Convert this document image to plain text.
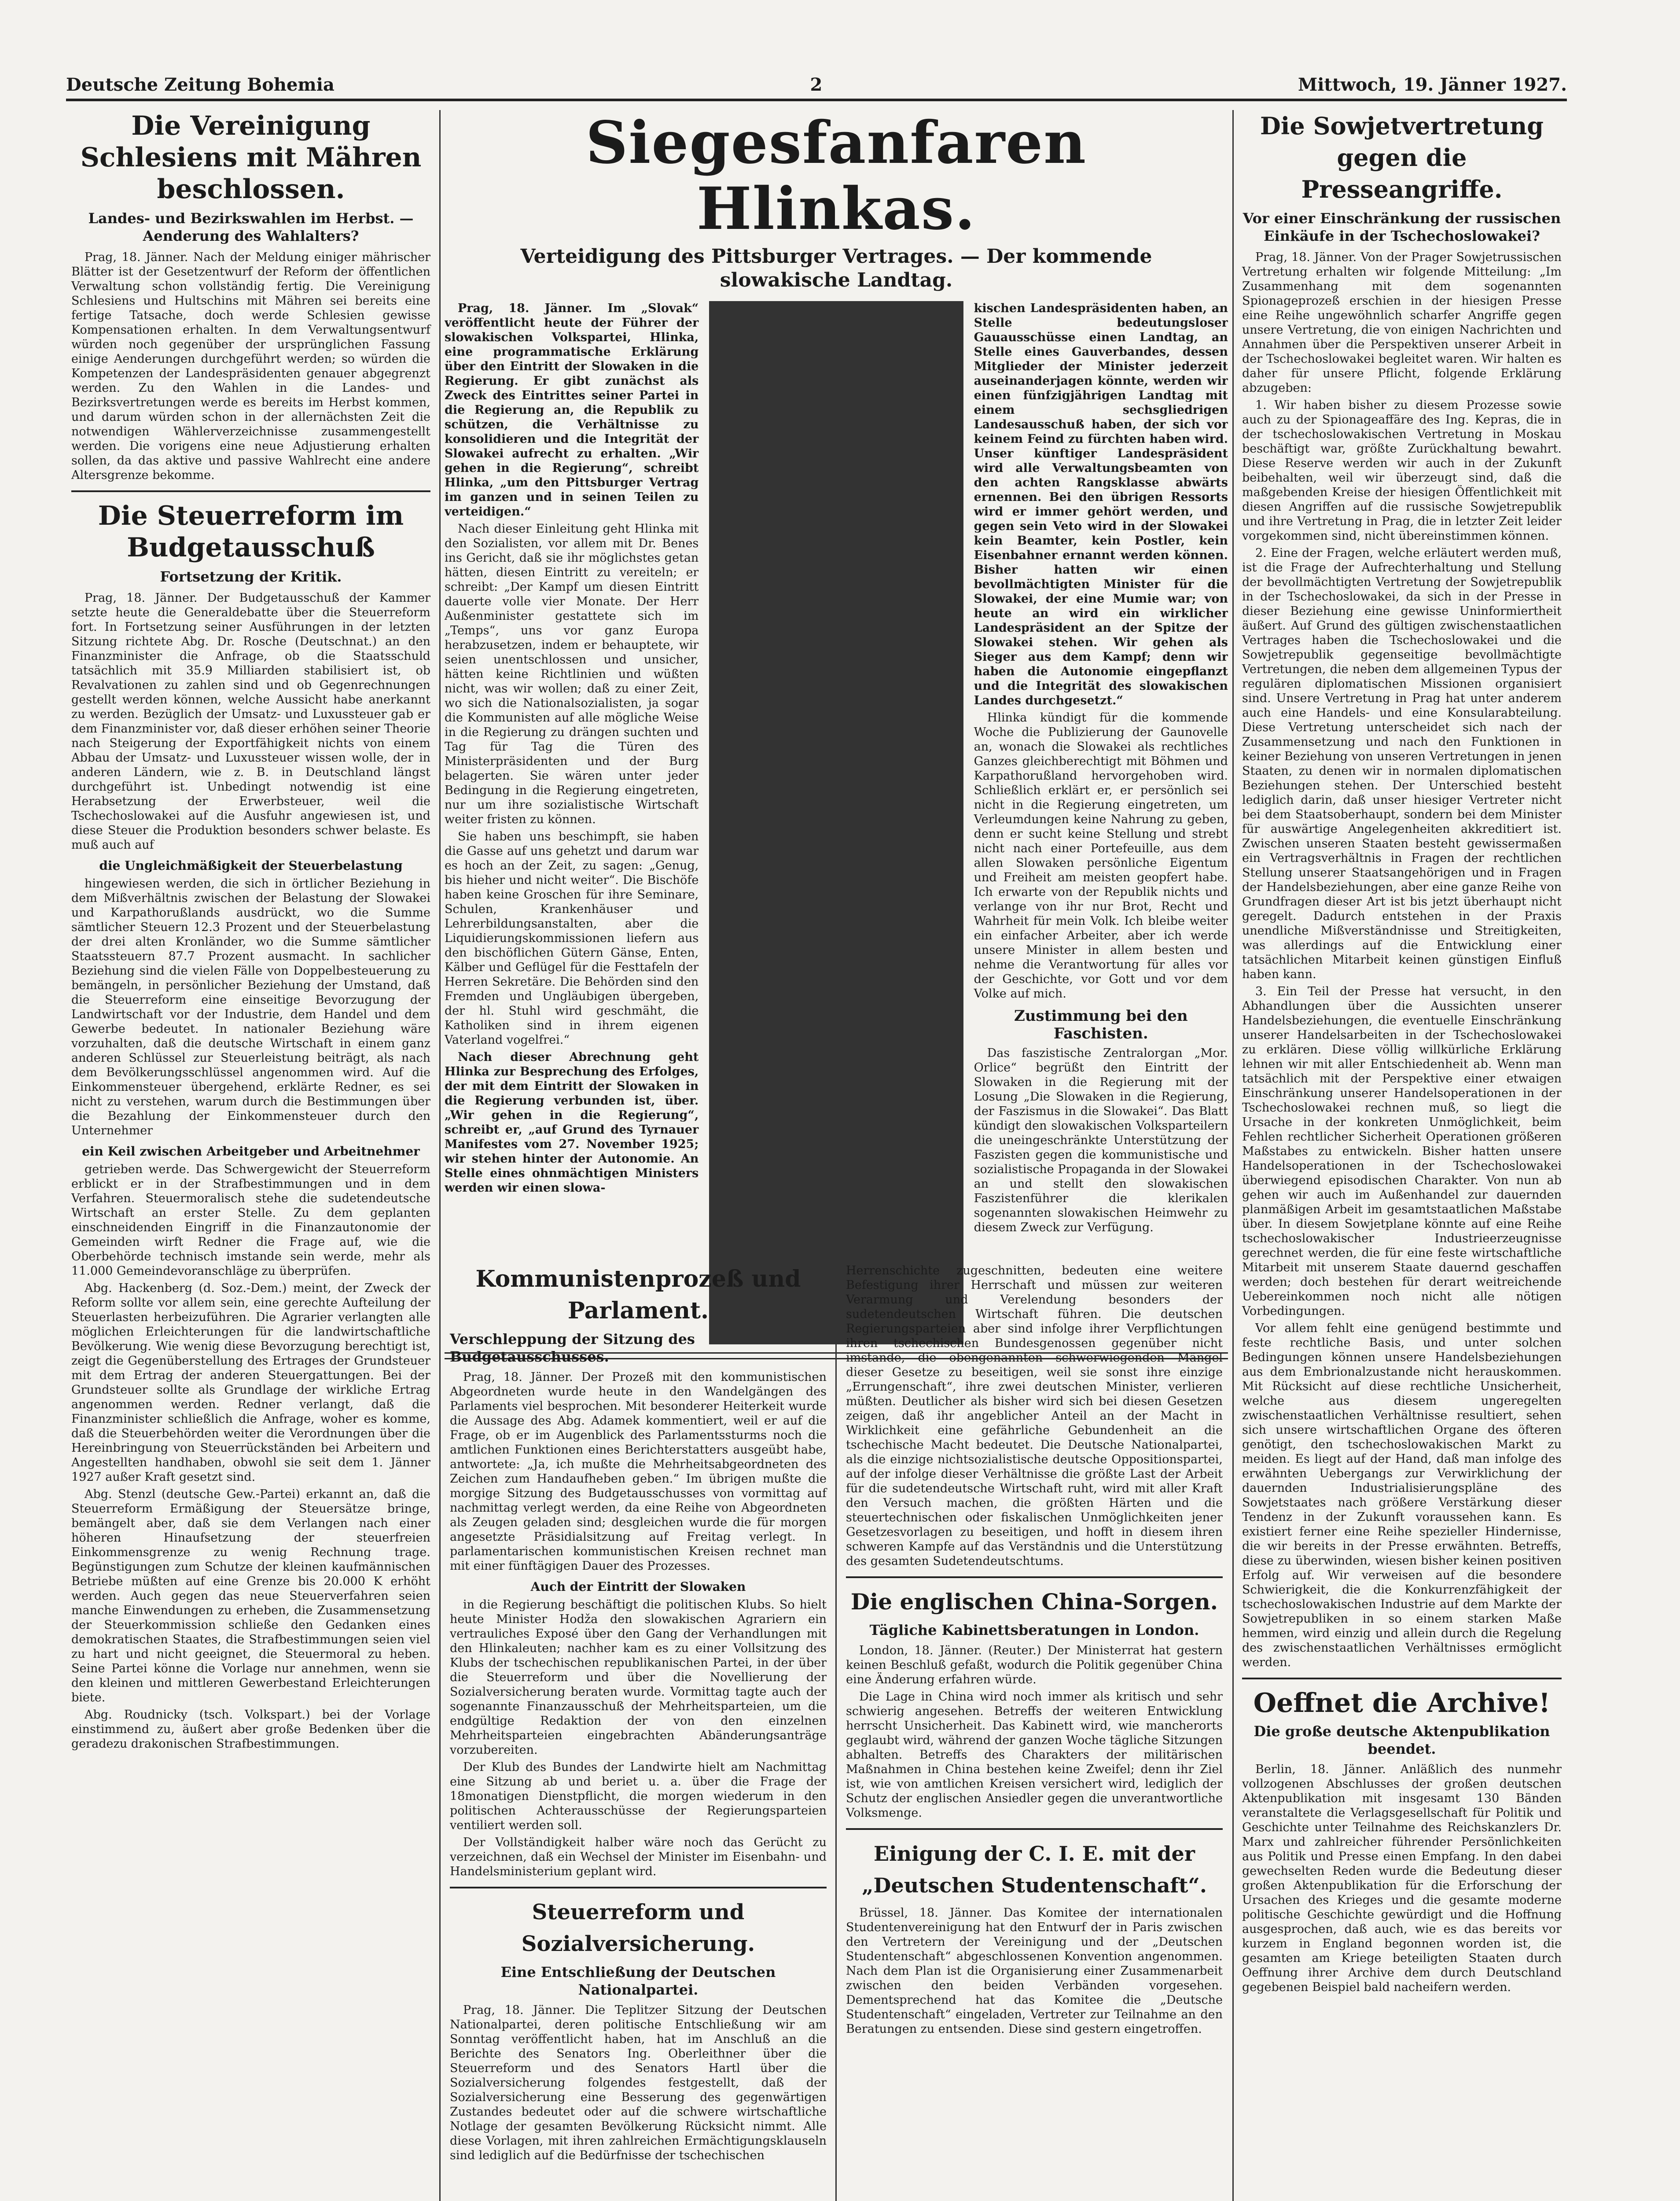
Deutsche Zeitung Bohemia	2	Mittwoch, 19. Jänner 1927.
Die Vereinigung Schlesiens mit Mähren beschlossen.
Landes- und Bezirkswahlen im Herbst. — Aenderung des Wahlalters?

Prag, 18. Jänner. Nach der Meldung einiger mährischer Blätter ist der Gesetzentwurf der Reform der öffentlichen Verwaltung schon vollständig fertig. Die Vereinigung Schlesiens und Hultschins mit Mähren sei bereits eine fertige Tatsache, doch werde Schlesien gewisse Kompensationen erhalten. In dem Verwaltungsentwurf würden noch gegenüber der ursprünglichen Fassung einige Aenderungen durchgeführt werden; so würden die Kompetenzen der Landespräsidenten genauer abgegrenzt werden. Zu den Wahlen in die Landes- und Bezirksvertretungen werde es bereits im Herbst kommen, und darum würden schon in der allernächsten Zeit die notwendigen Wählerverzeichnisse zusammengestellt werden. Die vorigens eine neue Adjustierung erhalten sollen, da das aktive und passive Wahlrecht eine andere Altersgrenze bekomme.

Die Steuerreform im Budgetausschuß
Fortsetzung der Kritik.

Prag, 18. Jänner. Der Budgetausschuß der Kammer setzte heute die Generaldebatte über die Steuerreform fort. In Fortsetzung seiner Ausführungen in der letzten Sitzung richtete Abg. Dr. Rosche (Deutschnat.) an den Finanzminister die Anfrage, ob die Staatsschuld tatsächlich mit 35.9 Milliarden stabilisiert ist, ob Revalvationen zu zahlen sind und ob Gegenrechnungen gestellt werden können, welche Aussicht habe anerkannt zu werden. Bezüglich der Umsatz- und Luxussteuer gab er dem Finanzminister vor, daß dieser erhöhen seiner Theorie nach Steigerung der Exportfähigkeit nichts von einem Abbau der Umsatz- und Luxussteuer wissen wolle, der in anderen Ländern, wie z. B. in Deutschland längst durchgeführt ist. Unbedingt notwendig ist eine Herabsetzung der Erwerbsteuer, weil die Tschechoslowakei auf die Ausfuhr angewiesen ist, und diese Steuer die Produktion besonders schwer belaste. Es muß auch auf

die Ungleichmäßigkeit der Steuerbelastung

hingewiesen werden, die sich in örtlicher Beziehung in dem Mißverhältnis zwischen der Belastung der Slowakei und Karpathorußlands ausdrückt, wo die Summe sämtlicher Steuern 12.3 Prozent und der Steuerbelastung der drei alten Kronländer, wo die Summe sämtlicher Staatssteuern 87.7 Prozent ausmacht. In sachlicher Beziehung sind die vielen Fälle von Doppelbesteuerung zu bemängeln, in persönlicher Beziehung der Umstand, daß die Steuerreform eine einseitige Bevorzugung der Landwirtschaft vor der Industrie, dem Handel und dem Gewerbe bedeutet. In nationaler Beziehung wäre vorzuhalten, daß die deutsche Wirtschaft in einem ganz anderen Schlüssel zur Steuerleistung beiträgt, als nach dem Bevölkerungsschlüssel angenommen wird. Auf die Einkommensteuer übergehend, erklärte Redner, es sei nicht zu verstehen, warum durch die Bestimmungen über die Bezahlung der Einkommensteuer durch den Unternehmer

ein Keil zwischen Arbeitgeber und Arbeitnehmer

getrieben werde. Das Schwergewicht der Steuerreform erblickt er in der Strafbestimmungen und in dem Verfahren. Steuermoralisch stehe die sudetendeutsche Wirtschaft an erster Stelle. Zu dem geplanten einschneidenden Eingriff in die Finanzautonomie der Gemeinden wirft Redner die Frage auf, wie die Oberbehörde technisch imstande sein werde, mehr als 11.000 Gemeindevoranschläge zu überprüfen.

Abg. Hackenberg (d. Soz.-Dem.) meint, der Zweck der Reform sollte vor allem sein, eine gerechte Aufteilung der Steuerlasten herbeizuführen. Die Agrarier verlangten alle möglichen Erleichterungen für die landwirtschaftliche Bevölkerung. Wie wenig diese Bevorzugung berechtigt ist, zeigt die Gegenüberstellung des Ertrages der Grundsteuer mit dem Ertrag der anderen Steuergattungen. Bei der Grundsteuer sollte als Grundlage der wirkliche Ertrag angenommen werden. Redner verlangt, daß die Finanzminister schließlich die Anfrage, woher es komme, daß die Steuerbehörden weiter die Verordnungen über die Hereinbringung von Steuerrückständen bei Arbeitern und Angestellten handhaben, obwohl sie seit dem 1. Jänner 1927 außer Kraft gesetzt sind.

Abg. Stenzl (deutsche Gew.-Partei) erkannt an, daß die Steuerreform Ermäßigung der Steuersätze bringe, bemängelt aber, daß sie dem Verlangen nach einer höheren Hinaufsetzung der steuerfreien Einkommensgrenze zu wenig Rechnung trage. Begünstigungen zum Schutze der kleinen kaufmännischen Betriebe müßten auf eine Grenze bis 20.000 K erhöht werden. Auch gegen das neue Steuerverfahren seien manche Einwendungen zu erheben, die Zusammensetzung der Steuerkommission schließe den Gedanken eines demokratischen Staates, die Strafbestimmungen seien viel zu hart und nicht geeignet, die Steuermoral zu heben. Seine Partei könne die Vorlage nur annehmen, wenn sie den kleinen und mittleren Gewerbestand Erleichterungen biete.

Abg. Roudnicky (tsch. Volkspart.) bei der Vorlage einstimmend zu, äußert aber große Bedenken über die geradezu drakonischen Strafbestimmungen.

Siegesfanfaren Hlinkas.
Verteidigung des Pittsburger Vertrages. — Der kommende slowakische Landtag.

Prag, 18. Jänner. Im „Slovak“ veröffentlicht heute der Führer der slowakischen Volkspartei, Hlinka, eine programmatische Erklärung über den Eintritt der Slowaken in die Regierung. Er gibt zunächst als Zweck des Eintrittes seiner Partei in die Regierung an, die Republik zu schützen, die Verhältnisse zu konsolidieren und die Integrität der Slowakei aufrecht zu erhalten. „Wir gehen in die Regierung“, schreibt Hlinka, „um den Pittsburger Vertrag im ganzen und in seinen Teilen zu verteidigen.“

Nach dieser Einleitung geht Hlinka mit den Sozialisten, vor allem mit Dr. Benes ins Gericht, daß sie ihr möglichstes getan hätten, diesen Eintritt zu vereiteln; er schreibt: „Der Kampf um diesen Eintritt dauerte volle vier Monate. Der Herr Außenminister gestattete sich im „Temps“, uns vor ganz Europa herabzusetzen, indem er behauptete, wir seien unentschlossen und unsicher, hätten keine Richtlinien und wüßten nicht, was wir wollen; daß zu einer Zeit, wo sich die Nationalsozialisten, ja sogar die Kommunisten auf alle mögliche Weise in die Regierung zu drängen suchten und Tag für Tag die Türen des Ministerpräsidenten und der Burg belagerten. Sie wären unter jeder Bedingung in die Regierung eingetreten, nur um ihre sozialistische Wirtschaft weiter fristen zu können.

Sie haben uns beschimpft, sie haben die Gasse auf uns gehetzt und darum war es hoch an der Zeit, zu sagen: „Genug, bis hieher und nicht weiter“. Die Bischöfe haben keine Groschen für ihre Seminare, Schulen, Krankenhäuser und Lehrerbildungsanstalten, aber die Liquidierungskommissionen liefern aus den bischöflichen Gütern Gänse, Enten, Kälber und Geflügel für die Festtafeln der Herren Sekretäre. Die Behörden sind den Fremden und Ungläubigen übergeben, der hl. Stuhl wird geschmäht, die Katholiken sind in ihrem eigenen Vaterland vogelfrei.“

Nach dieser Abrechnung geht Hlinka zur Besprechung des Erfolges, der mit dem Eintritt der Slowaken in die Regierung verbunden ist, über. „Wir gehen in die Regierung“, schreibt er, „auf Grund des Tyrnauer Manifestes vom 27. November 1925; wir stehen hinter der Autonomie. An Stelle eines ohnmächtigen Ministers werden wir einen slowa-

kischen Landespräsidenten haben, an Stelle bedeutungsloser Gauausschüsse einen Landtag, an Stelle eines Gauverbandes, dessen Mitglieder der Minister jederzeit auseinanderjagen könnte, werden wir einen fünfzigjährigen Landtag mit einem sechsgliedrigen Landesausschuß haben, der sich vor keinem Feind zu fürchten haben wird. Unser künftiger Landespräsident wird alle Verwaltungsbeamten von den achten Rangsklasse abwärts ernennen. Bei den übrigen Ressorts wird er immer gehört werden, und gegen sein Veto wird in der Slowakei kein Beamter, kein Postler, kein Eisenbahner ernannt werden können. Bisher hatten wir einen bevollmächtigten Minister für die Slowakei, der eine Mumie war; von heute an wird ein wirklicher Landespräsident an der Spitze der Slowakei stehen. Wir gehen als Sieger aus dem Kampf; denn wir haben die Autonomie eingepflanzt und die Integrität des slowakischen Landes durchgesetzt.“

Hlinka kündigt für die kommende Woche die Publizierung der Gaunovelle an, wonach die Slowakei als rechtliches Ganzes gleichberechtigt mit Böhmen und Karpathorußland hervorgehoben wird. Schließlich erklärt er, er persönlich sei nicht in die Regierung eingetreten, um Verleumdungen keine Nahrung zu geben, denn er sucht keine Stellung und strebt nicht nach einer Portefeuille, aus dem allen Slowaken persönliche Eigentum und Freiheit am meisten geopfert habe. Ich erwarte von der Republik nichts und verlange von ihr nur Brot, Recht und Wahrheit für mein Volk. Ich bleibe weiter ein einfacher Arbeiter, aber ich werde unsere Minister in allem besten und nehme die Verantwortung für alles vor der Geschichte, vor Gott und vor dem Volke auf mich.

Zustimmung bei den Faschisten.

Das faszistische Zentralorgan „Mor. Orlice“ begrüßt den Eintritt der Slowaken in die Regierung mit der Losung „Die Slowaken in die Regierung, der Faszismus in die Slowakei“. Das Blatt kündigt den slowakischen Volksparteilern die uneingeschränkte Unterstützung der Faszisten gegen die kommunistische und sozialistische Propaganda in der Slowakei an und stellt den slowakischen Faszistenführer die klerikalen sogenannten slowakischen Heimwehr zu diesem Zweck zur Verfügung.

Kommunistenprozeß und Parlament.
Verschleppung der Sitzung des Budgetausschusses.

Prag, 18. Jänner. Der Prozeß mit den kommunistischen Abgeordneten wurde heute in den Wandelgängen des Parlaments viel besprochen. Mit besonderer Heiterkeit wurde die Aussage des Abg. Adamek kommentiert, weil er auf die Frage, ob er im Augenblick des Parlamentssturms noch die amtlichen Funktionen eines Berichterstatters ausgeübt habe, antwortete: „Ja, ich mußte die Mehrheitsabgeordneten des Zeichen zum Handaufheben geben.“ Im übrigen mußte die morgige Sitzung des Budgetausschusses von vormittag auf nachmittag verlegt werden, da eine Reihe von Abgeordneten als Zeugen geladen sind; desgleichen wurde die für morgen angesetzte Präsidialsitzung auf Freitag verlegt. In parlamentarischen kommunistischen Kreisen rechnet man mit einer fünftägigen Dauer des Prozesses.

Auch der Eintritt der Slowaken

in die Regierung beschäftigt die politischen Klubs. So hielt heute Minister Hodža den slowakischen Agrariern ein vertrauliches Exposé über den Gang der Verhandlungen mit den Hlinkaleuten; nachher kam es zu einer Vollsitzung des Klubs der tschechischen republikanischen Partei, in der über die Steuerreform und über die Novellierung der Sozialversicherung beraten wurde. Vormittag tagte auch der sogenannte Finanzausschuß der Mehrheitsparteien, um die endgültige Redaktion der von den einzelnen Mehrheitsparteien eingebrachten Abänderungsanträge vorzubereiten.

Der Klub des Bundes der Landwirte hielt am Nachmittag eine Sitzung ab und beriet u. a. über die Frage der 18monatigen Dienstpflicht, die morgen wiederum in den politischen Achterausschüsse der Regierungsparteien ventiliert werden soll.

Der Vollständigkeit halber wäre noch das Gerücht zu verzeichnen, daß ein Wechsel der Minister im Eisenbahn- und Handelsministerium geplant wird.

Steuerreform und Sozialversicherung.
Eine Entschließung der Deutschen Nationalpartei.

Prag, 18. Jänner. Die Teplitzer Sitzung der Deutschen Nationalpartei, deren politische Entschließung wir am Sonntag veröffentlicht haben, hat im Anschluß an die Berichte des Senators Ing. Oberleithner über die Steuerreform und des Senators Hartl über die Sozialversicherung folgendes festgestellt, daß der Sozialversicherung eine Besserung des gegenwärtigen Zustandes bedeutet oder auf die schwere wirtschaftliche Notlage der gesamten Bevölkerung Rücksicht nimmt. Alle diese Vorlagen, mit ihren zahlreichen Ermächtigungsklauseln sind lediglich auf die Bedürfnisse der tschechischen

Herrenschichte zugeschnitten, bedeuten eine weitere Befestigung ihrer Herrschaft und müssen zur weiteren Verarmung und Verelendung besonders der sudetendeutschen Wirtschaft führen. Die deutschen Regierungsparteien aber sind infolge ihrer Verpflichtungen ihren tschechischen Bundesgenossen gegenüber nicht imstande, die obengenannten schwerwiegenden Mängel dieser Gesetze zu beseitigen, weil sie sonst ihre einzige „Errungenschaft“, ihre zwei deutschen Minister, verlieren müßten. Deutlicher als bisher wird sich bei diesen Gesetzen zeigen, daß ihr angeblicher Anteil an der Macht in Wirklichkeit eine gefährliche Gebundenheit an die tschechische Macht bedeutet. Die Deutsche Nationalpartei, als die einzige nichtsozialistische deutsche Oppositionspartei, auf der infolge dieser Verhältnisse die größte Last der Arbeit für die sudetendeutsche Wirtschaft ruht, wird mit aller Kraft den Versuch machen, die größten Härten und die steuertechnischen oder fiskalischen Unmöglichkeiten jener Gesetzesvorlagen zu beseitigen, und hofft in diesem ihren schweren Kampfe auf das Verständnis und die Unterstützung des gesamten Sudetendeutschtums.

Die englischen China-Sorgen.
Tägliche Kabinettsberatungen in London.

London, 18. Jänner. (Reuter.) Der Ministerrat hat gestern keinen Beschluß gefaßt, wodurch die Politik gegenüber China eine Änderung erfahren würde.

Die Lage in China wird noch immer als kritisch und sehr schwierig angesehen. Betreffs der weiteren Entwicklung herrscht Unsicherheit. Das Kabinett wird, wie mancherorts geglaubt wird, während der ganzen Woche tägliche Sitzungen abhalten. Betreffs des Charakters der militärischen Maßnahmen in China bestehen keine Zweifel; denn ihr Ziel ist, wie von amtlichen Kreisen versichert wird, lediglich der Schutz der englischen Ansiedler gegen die unverantwortliche Volksmenge.

Einigung der C. I. E. mit der „Deutschen Studentenschaft“.

Brüssel, 18. Jänner. Das Komitee der internationalen Studentenvereinigung hat den Entwurf der in Paris zwischen den Vertretern der Vereinigung und der „Deutschen Studentenschaft“ abgeschlossenen Konvention angenommen. Nach dem Plan ist die Organisierung einer Zusammenarbeit zwischen den beiden Verbänden vorgesehen. Dementsprechend hat das Komitee die „Deutsche Studentenschaft“ eingeladen, Vertreter zur Teilnahme an den Beratungen zu entsenden. Diese sind gestern eingetroffen.

Die Sowjetvertretung gegen die Presseangriffe.
Vor einer Einschränkung der russischen Einkäufe in der Tschechoslowakei?

Prag, 18. Jänner. Von der Prager Sowjetrussischen Vertretung erhalten wir folgende Mitteilung: „Im Zusammenhang mit dem sogenannten Spionageprozeß erschien in der hiesigen Presse eine Reihe ungewöhnlich scharfer Angriffe gegen unsere Vertretung, die von einigen Nachrichten und Annahmen über die Perspektiven unserer Arbeit in der Tschechoslowakei begleitet waren. Wir halten es daher für unsere Pflicht, folgende Erklärung abzugeben:

1. Wir haben bisher zu diesem Prozesse sowie auch zu der Spionageaffäre des Ing. Kepras, die in der tschechoslowakischen Vertretung in Moskau beschäftigt war, größte Zurückhaltung bewahrt. Diese Reserve werden wir auch in der Zukunft beibehalten, weil wir überzeugt sind, daß die maßgebenden Kreise der hiesigen Öffentlichkeit mit diesen Angriffen auf die russische Sowjetrepublik und ihre Vertretung in Prag, die in letzter Zeit leider vorgekommen sind, nicht übereinstimmen können.

2. Eine der Fragen, welche erläutert werden muß, ist die Frage der Aufrechterhaltung und Stellung der bevollmächtigten Vertretung der Sowjetrepublik in der Tschechoslowakei, da sich in der Presse in dieser Beziehung eine gewisse Uninformiertheit äußert. Auf Grund des gültigen zwischenstaatlichen Vertrages haben die Tschechoslowakei und die Sowjetrepublik gegenseitige bevollmächtigte Vertretungen, die neben dem allgemeinen Typus der regulären diplomatischen Missionen organisiert sind. Unsere Vertretung in Prag hat unter anderem auch eine Handels- und eine Konsularabteilung. Diese Vertretung unterscheidet sich nach der Zusammensetzung und nach den Funktionen in keiner Beziehung von unseren Vertretungen in jenen Staaten, zu denen wir in normalen diplomatischen Beziehungen stehen. Der Unterschied besteht lediglich darin, daß unser hiesiger Vertreter nicht bei dem Staatsoberhaupt, sondern bei dem Minister für auswärtige Angelegenheiten akkreditiert ist. Zwischen unseren Staaten besteht gewissermaßen ein Vertragsverhältnis in Fragen der rechtlichen Stellung unserer Staatsangehörigen und in Fragen der Handelsbeziehungen, aber eine ganze Reihe von Grundfragen dieser Art ist bis jetzt überhaupt nicht geregelt. Dadurch entstehen in der Praxis unendliche Mißverständnisse und Streitigkeiten, was allerdings auf die Entwicklung einer tatsächlichen Mitarbeit keinen günstigen Einfluß haben kann.

3. Ein Teil der Presse hat versucht, in den Abhandlungen über die Aussichten unserer Handelsbeziehungen, die eventuelle Einschränkung unserer Handelsarbeiten in der Tschechoslowakei zu erklären. Diese völlig willkürliche Erklärung lehnen wir mit aller Entschiedenheit ab. Wenn man tatsächlich mit der Perspektive einer etwaigen Einschränkung unserer Handelsoperationen in der Tschechoslowakei rechnen muß, so liegt die Ursache in der konkreten Unmöglichkeit, beim Fehlen rechtlicher Sicherheit Operationen größeren Maßstabes zu entwickeln. Bisher hatten unsere Handelsoperationen in der Tschechoslowakei überwiegend episodischen Charakter. Von nun ab gehen wir auch im Außenhandel zur dauernden planmäßigen Arbeit im gesamtstaatlichen Maßstabe über. In diesem Sowjetplane könnte auf eine Reihe tschechoslowakischer Industrieerzeugnisse gerechnet werden, die für eine feste wirtschaftliche Mitarbeit mit unserem Staate dauernd geschaffen werden; doch bestehen für derart weitreichende Uebereinkommen noch nicht alle nötigen Vorbedingungen.

Vor allem fehlt eine genügend bestimmte und feste rechtliche Basis, und unter solchen Bedingungen können unsere Handelsbeziehungen aus dem Embrionalzustande nicht herauskommen. Mit Rücksicht auf diese rechtliche Unsicherheit, welche aus diesem ungeregelten zwischenstaatlichen Verhältnisse resultiert, sehen sich unsere wirtschaftlichen Organe des öfteren genötigt, den tschechoslowakischen Markt zu meiden. Es liegt auf der Hand, daß man infolge des erwähnten Uebergangs zur Verwirklichung der dauernden Industrialisierungspläne des Sowjetstaates nach größere Verstärkung dieser Tendenz in der Zukunft voraussehen kann. Es existiert ferner eine Reihe spezieller Hindernisse, die wir bereits in der Presse erwähnten. Betreffs, diese zu überwinden, wiesen bisher keinen positiven Erfolg auf. Wir verweisen auf die besondere Schwierigkeit, die die Konkurrenzfähigkeit der tschechoslowakischen Industrie auf dem Markte der Sowjetrepubliken in so einem starken Maße hemmen, wird einzig und allein durch die Regelung des zwischenstaatlichen Verhältnisses ermöglicht werden.

Oeffnet die Archive!
Die große deutsche Aktenpublikation beendet.

Berlin, 18. Jänner. Anläßlich des nunmehr vollzogenen Abschlusses der großen deutschen Aktenpublikation mit insgesamt 130 Bänden veranstaltete die Verlagsgesellschaft für Politik und Geschichte unter Teilnahme des Reichskanzlers Dr. Marx und zahlreicher führender Persönlichkeiten aus Politik und Presse einen Empfang. In den dabei gewechselten Reden wurde die Bedeutung dieser großen Aktenpublikation für die Erforschung der Ursachen des Krieges und die gesamte moderne politische Geschichte gewürdigt und die Hoffnung ausgesprochen, daß auch, wie es das bereits vor kurzem in England begonnen worden ist, die gesamten am Kriege beteiligten Staaten durch Oeffnung ihrer Archive dem durch Deutschland gegebenen Beispiel bald nacheifern werden.
